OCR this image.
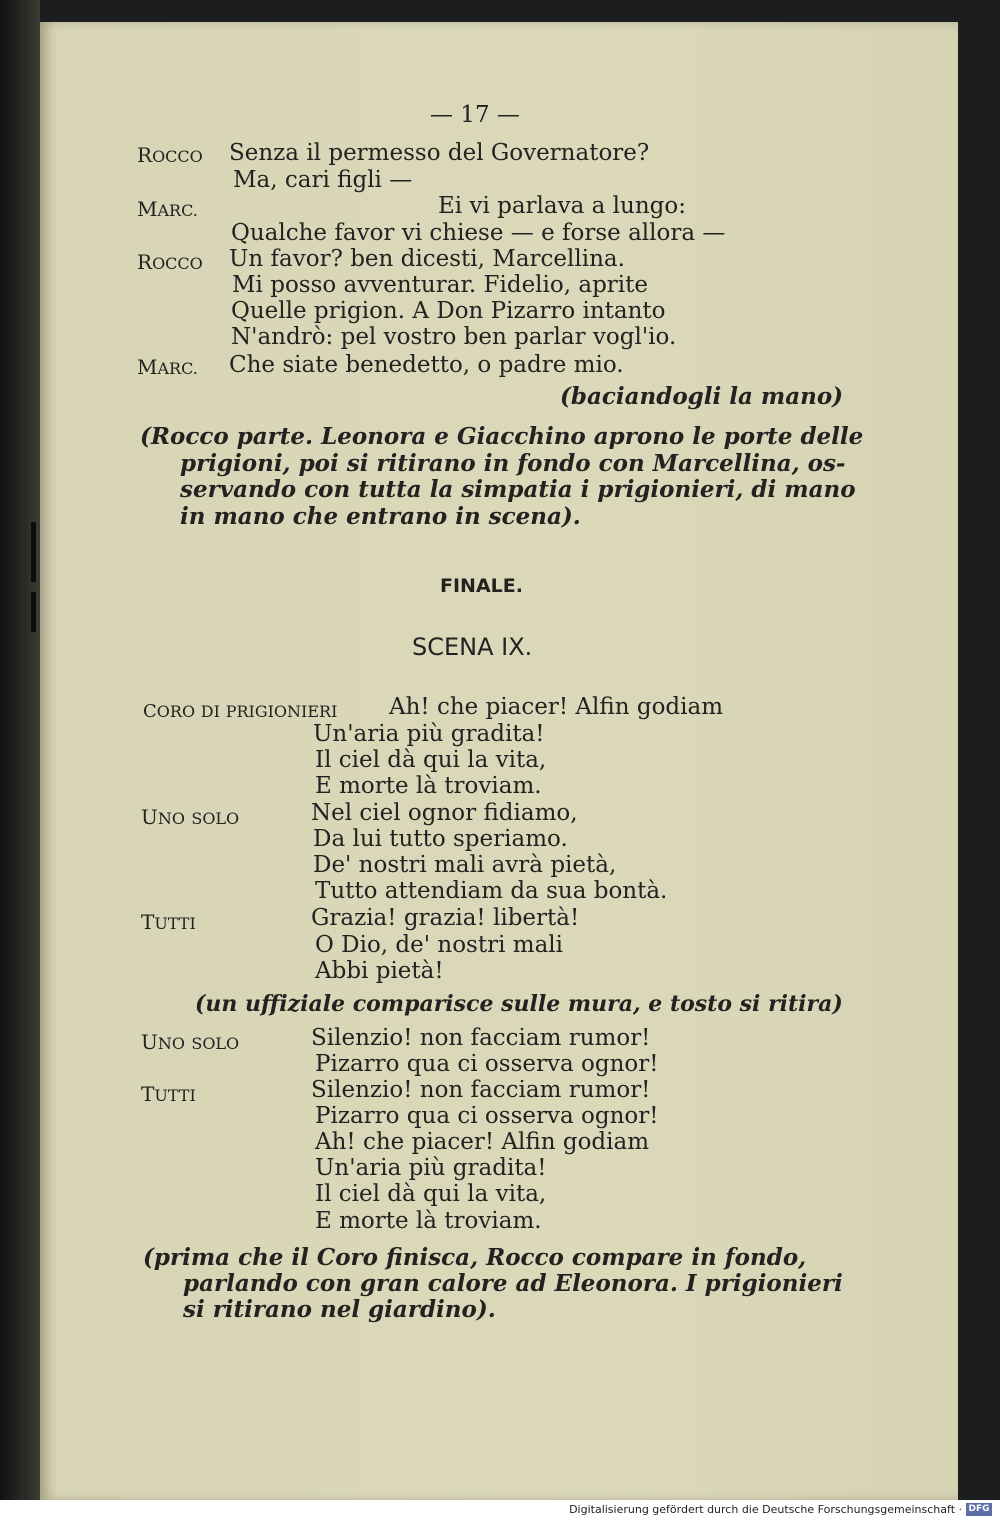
— 17 —
ROCCO Senza il permesso del Governatore?
Ma, cari figli —
MARC.	Ei vi parlava a lungo:
Qualche favor vi chiese — e forse allora —
ROCCO Un favor? ben dicesti, Marcellina.
Mi posso avventurar. Fidelio, aprite
Quelle prigion. A Don Pizarro intanto
N'andrò: pel vostro ben parlar vogl'io.
MARC. Che siate benedetto, o padre mio.
(baciandogli la mano)
(Rocco parte. Leonora e Giacchino aprono le porte delle
prigioni, poi si ritirano in fondo con Marcellina, os-
servando con tutta la simpatia i prigionieri, di mano
in mano che entrano in scena).
FINALE.
SCENA IX.
CORO DI PRIGIONIERI Ah! che piacer! Alfin godiam
Un'aria più gradita!
Il ciel dà qui la vita,
E morte là troviam.
UNO SOLO	Nel ciel ognor fidiamo,
Da lui tutto speriamo.
De' nostri mali avrà pietà,
Tutto attendiam da sua bontà.
TUTTI	Grazia! grazia! libertà!
O Dio, de' nostri mali
Abbi pietà!
(un uffiziale comparisce sulle mura, e tosto si ritira)
UNO SOLO	Silenzio! non facciam rumor!
Pizarro qua ci osserva ognor!
TUTTI	Silenzio! non facciam rumor!
Pizarro qua ci osserva ognor!
Ah! che piacer! Alfin godiam
Un'aria più gradita!
Il ciel dà qui la vita,
E morte là troviam.
(prima che il Coro finisca, Rocco compare in fondo,
parlando con gran calore ad Eleonora. I prigionieri
si ritirano nel giardino).
Digitalisierung gefördert durch die Deutsche Forschungsgemeinschaft · DFG
